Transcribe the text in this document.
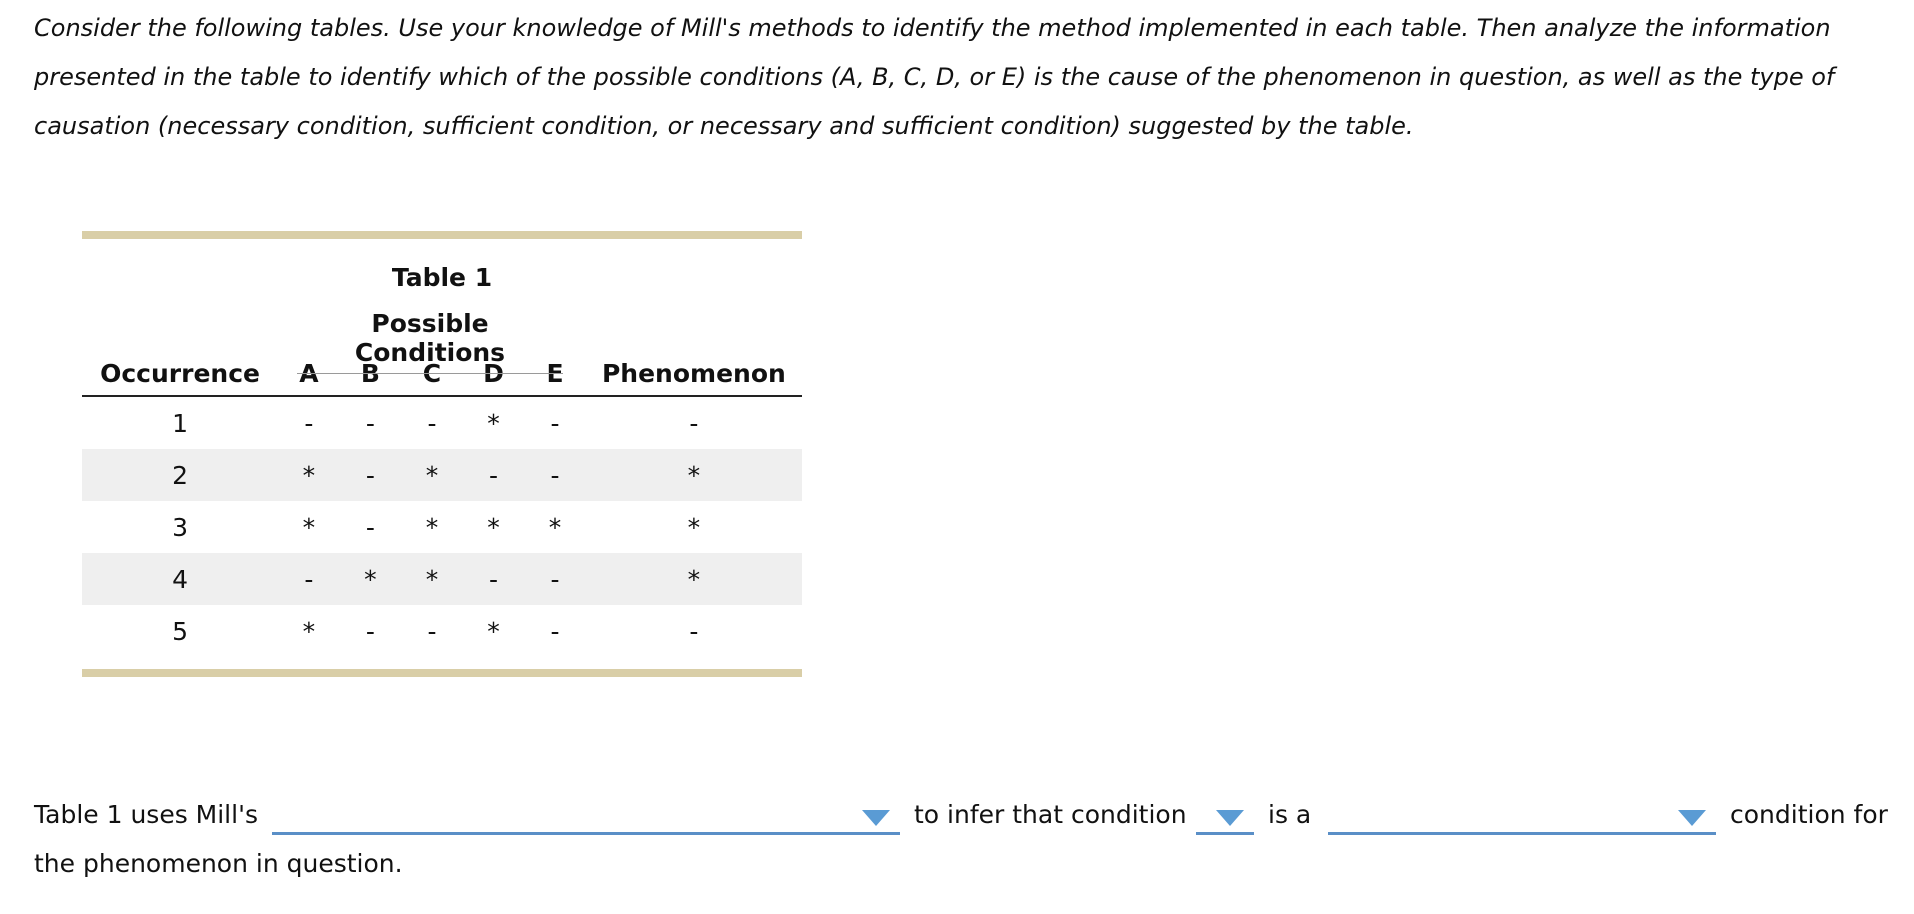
Consider the following tables. Use your knowledge of Mill's methods to identify the method implemented in each table. Then analyze the information presented in the table to identify which of the possible conditions (A, B, C, D, or E) is the cause of the phenomenon in question, as well as the type of causation (necessary condition, sufficient condition, or necessary and sufficient condition) suggested by the table.

Table 1
Possible Conditions
Occurrence	A	B	C	D	E	Phenomenon
1	-	-	-	*	-	-
2	*	-	*	-	-	*
3	*	-	*	*	*	*
4	-	*	*	-	-	*
5	*	-	-	*	-	-
Table 1 uses Mill's	to infer that condition	is a	condition for
the phenomenon in question.
